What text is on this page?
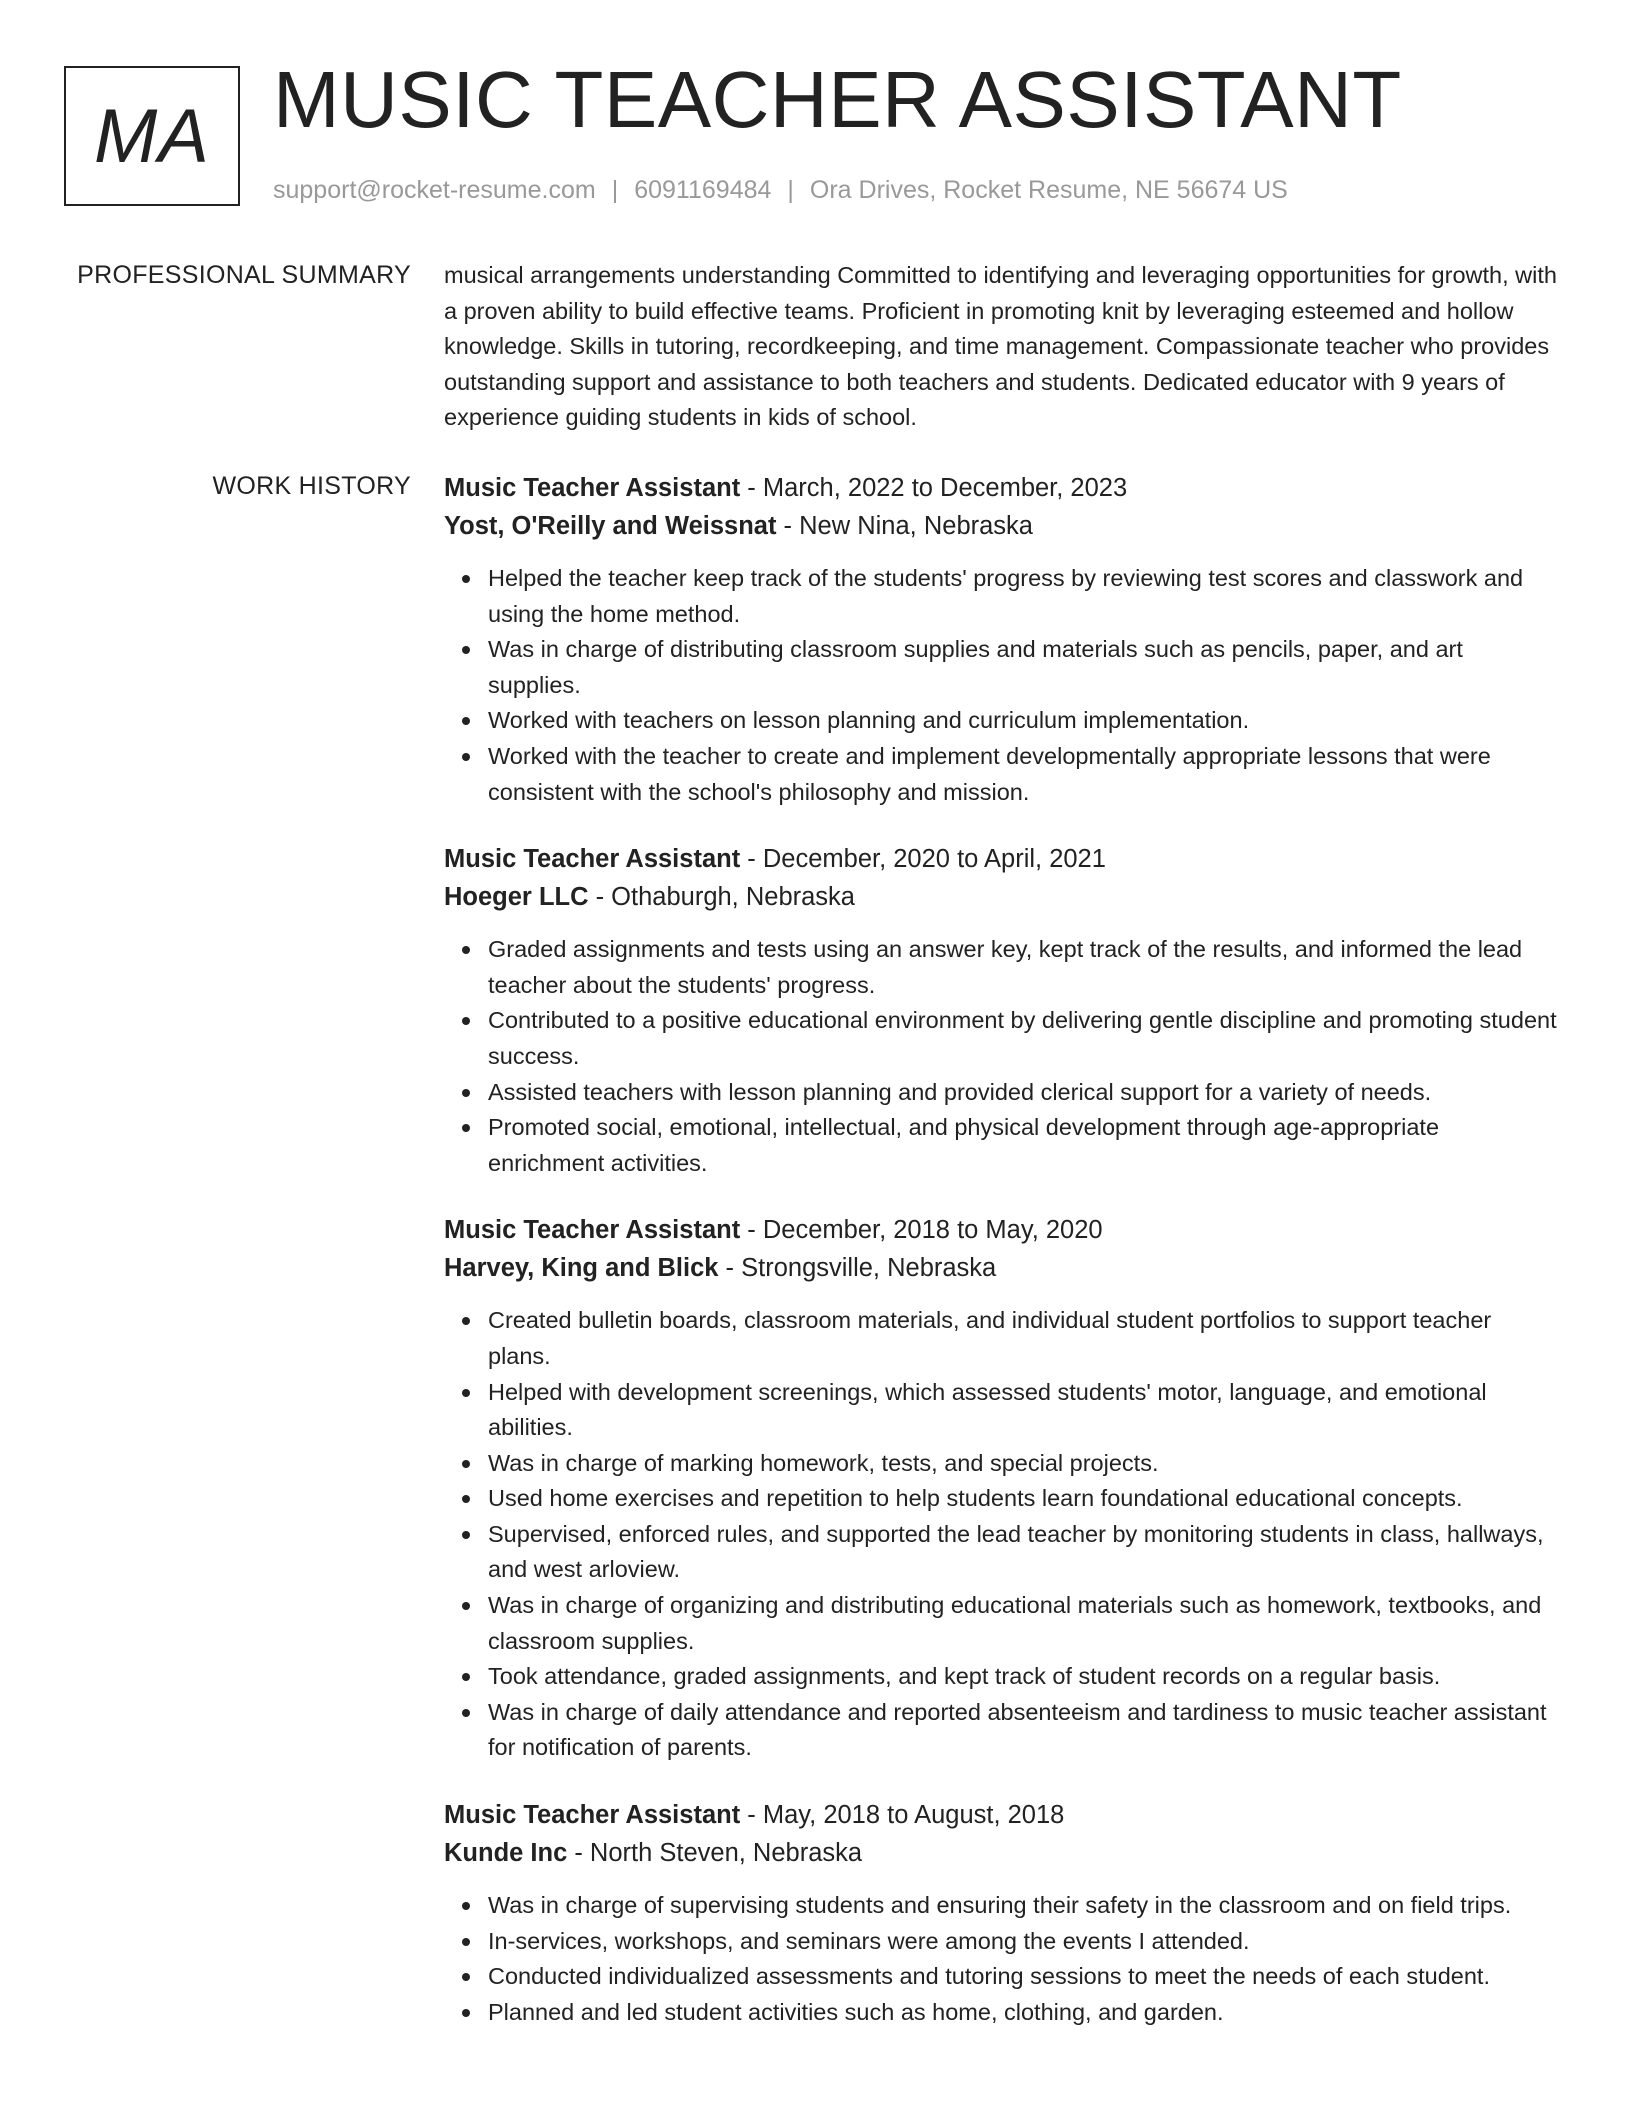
MA MUSIC TEACHER ASSISTANT
support@rocket-resume.com | 6091169484 | Ora Drives, Rocket Resume, NE 56674 US
PROFESSIONAL SUMMARY musical arrangements understanding Committed to identifying and leveraging opportunities for growth, with a proven ability to build effective teams. Proficient in promoting knit by leveraging esteemed and hollow knowledge. Skills in tutoring, recordkeeping, and time management. Compassionate teacher who provides outstanding support and assistance to both teachers and students. Dedicated educator with 9 years of experience guiding students in kids of school.

WORK HISTORY Music Teacher Assistant - March, 2022 to December, 2023
Yost, O'Reilly and Weissnat - New Nina, Nebraska
Helped the teacher keep track of the students' progress by reviewing test scores and classwork and using the home method.
Was in charge of distributing classroom supplies and materials such as pencils, paper, and art supplies.
Worked with teachers on lesson planning and curriculum implementation.
Worked with the teacher to create and implement developmentally appropriate lessons that were consistent with the school's philosophy and mission.
Music Teacher Assistant - December, 2020 to April, 2021
Hoeger LLC - Othaburgh, Nebraska
Graded assignments and tests using an answer key, kept track of the results, and informed the lead teacher about the students' progress.
Contributed to a positive educational environment by delivering gentle discipline and promoting student success.
Assisted teachers with lesson planning and provided clerical support for a variety of needs.
Promoted social, emotional, intellectual, and physical development through age-appropriate enrichment activities.
Music Teacher Assistant - December, 2018 to May, 2020
Harvey, King and Blick - Strongsville, Nebraska
Created bulletin boards, classroom materials, and individual student portfolios to support teacher plans.
Helped with development screenings, which assessed students' motor, language, and emotional abilities.
Was in charge of marking homework, tests, and special projects.
Used home exercises and repetition to help students learn foundational educational concepts.
Supervised, enforced rules, and supported the lead teacher by monitoring students in class, hallways, and west arloview.
Was in charge of organizing and distributing educational materials such as homework, textbooks, and classroom supplies.
Took attendance, graded assignments, and kept track of student records on a regular basis.
Was in charge of daily attendance and reported absenteeism and tardiness to music teacher assistant for notification of parents.
Music Teacher Assistant - May, 2018 to August, 2018
Kunde Inc - North Steven, Nebraska
Was in charge of supervising students and ensuring their safety in the classroom and on field trips.
In-services, workshops, and seminars were among the events I attended.
Conducted individualized assessments and tutoring sessions to meet the needs of each student.
Planned and led student activities such as home, clothing, and garden.
